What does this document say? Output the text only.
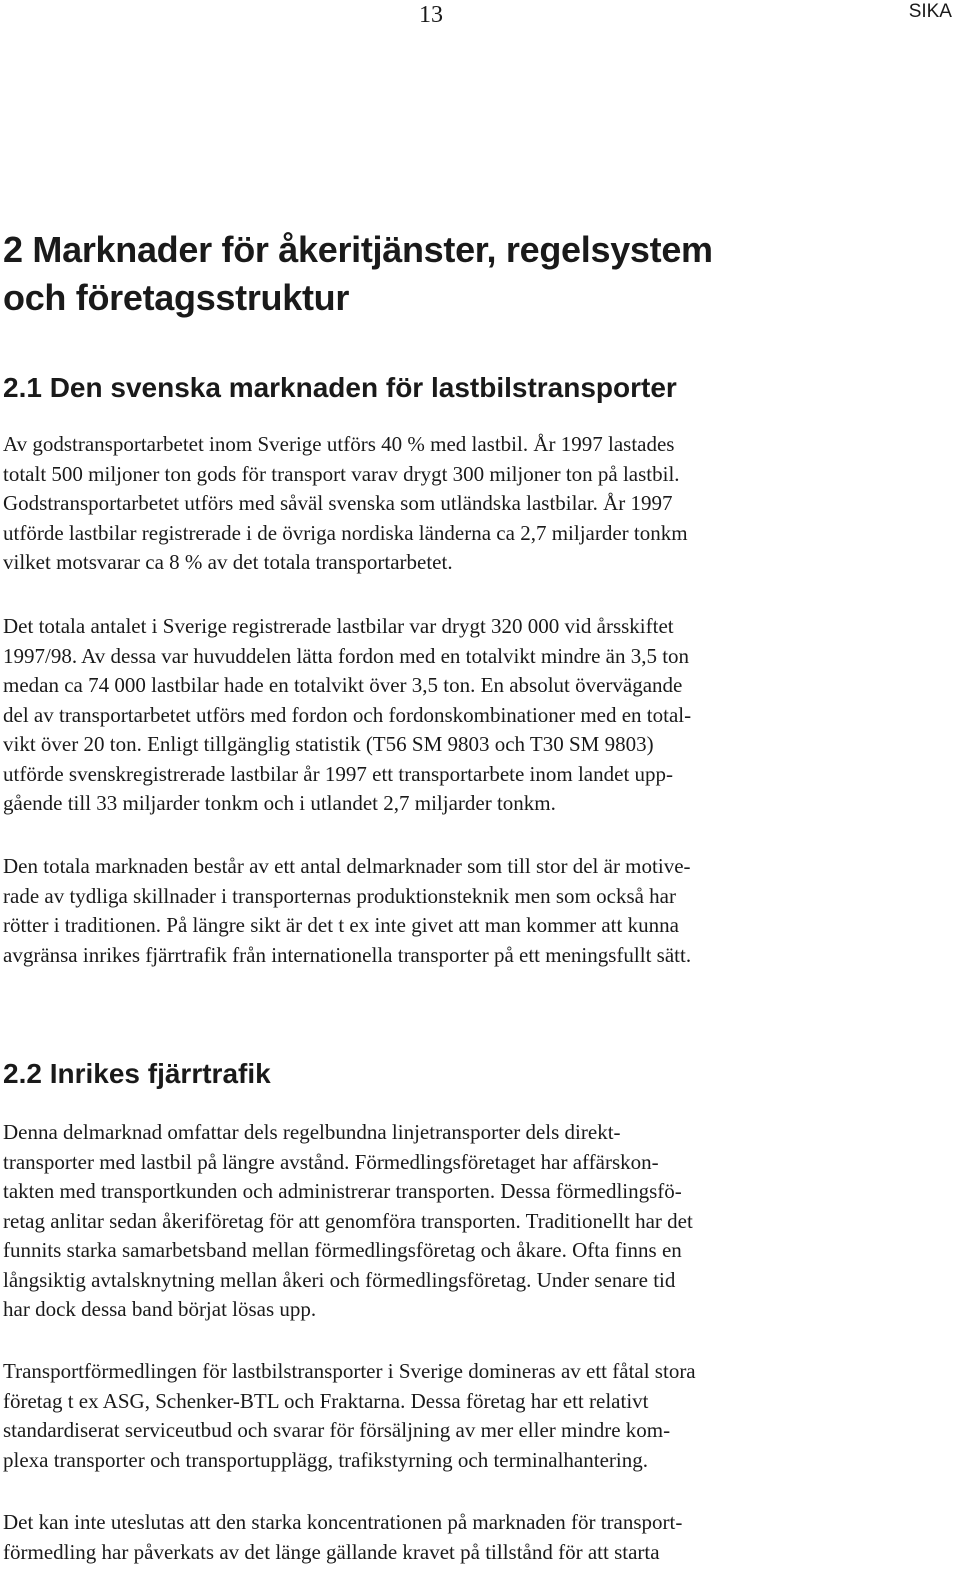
13	SIKA
2 Marknader för åkeritjänster, regelsystem
och företagsstruktur
2.1 Den svenska marknaden för lastbilstransporter

Av godstransportarbetet inom Sverige utförs 40 % med lastbil. År 1997 lastades
totalt 500 miljoner ton gods för transport varav drygt 300 miljoner ton på lastbil.
Godstransportarbetet utförs med såväl svenska som utländska lastbilar. År 1997
utförde lastbilar registrerade i de övriga nordiska länderna ca 2,7 miljarder tonkm
vilket motsvarar ca 8 % av det totala transportarbetet.

Det totala antalet i Sverige registrerade lastbilar var drygt 320 000 vid årsskiftet
1997/98. Av dessa var huvuddelen lätta fordon med en totalvikt mindre än 3,5 ton
medan ca 74 000 lastbilar hade en totalvikt över 3,5 ton. En absolut övervägande
del av transportarbetet utförs med fordon och fordonskombinationer med en total-
vikt över 20 ton. Enligt tillgänglig statistik (T56 SM 9803 och T30 SM 9803)
utförde svenskregistrerade lastbilar år 1997 ett transportarbete inom landet upp-
gående till 33 miljarder tonkm och i utlandet 2,7 miljarder tonkm.

Den totala marknaden består av ett antal delmarknader som till stor del är motive-
rade av tydliga skillnader i transporternas produktionsteknik men som också har
rötter i traditionen. På längre sikt är det t ex inte givet att man kommer att kunna
avgränsa inrikes fjärrtrafik från internationella transporter på ett meningsfullt sätt.

2.2 Inrikes fjärrtrafik

Denna delmarknad omfattar dels regelbundna linjetransporter dels direkt-
transporter med lastbil på längre avstånd. Förmedlingsföretaget har affärskon-
takten med transportkunden och administrerar transporten. Dessa förmedlingsfö-
retag anlitar sedan åkeriföretag för att genomföra transporten. Traditionellt har det
funnits starka samarbetsband mellan förmedlingsföretag och åkare. Ofta finns en
långsiktig avtalsknytning mellan åkeri och förmedlingsföretag. Under senare tid
har dock dessa band börjat lösas upp.

Transportförmedlingen för lastbilstransporter i Sverige domineras av ett fåtal stora
företag t ex ASG, Schenker-BTL och Fraktarna. Dessa företag har ett relativt
standardiserat serviceutbud och svarar för försäljning av mer eller mindre kom-
plexa transporter och transportupplägg, trafikstyrning och terminalhantering.

Det kan inte uteslutas att den starka koncentrationen på marknaden för transport-
förmedling har påverkats av det länge gällande kravet på tillstånd för att starta
